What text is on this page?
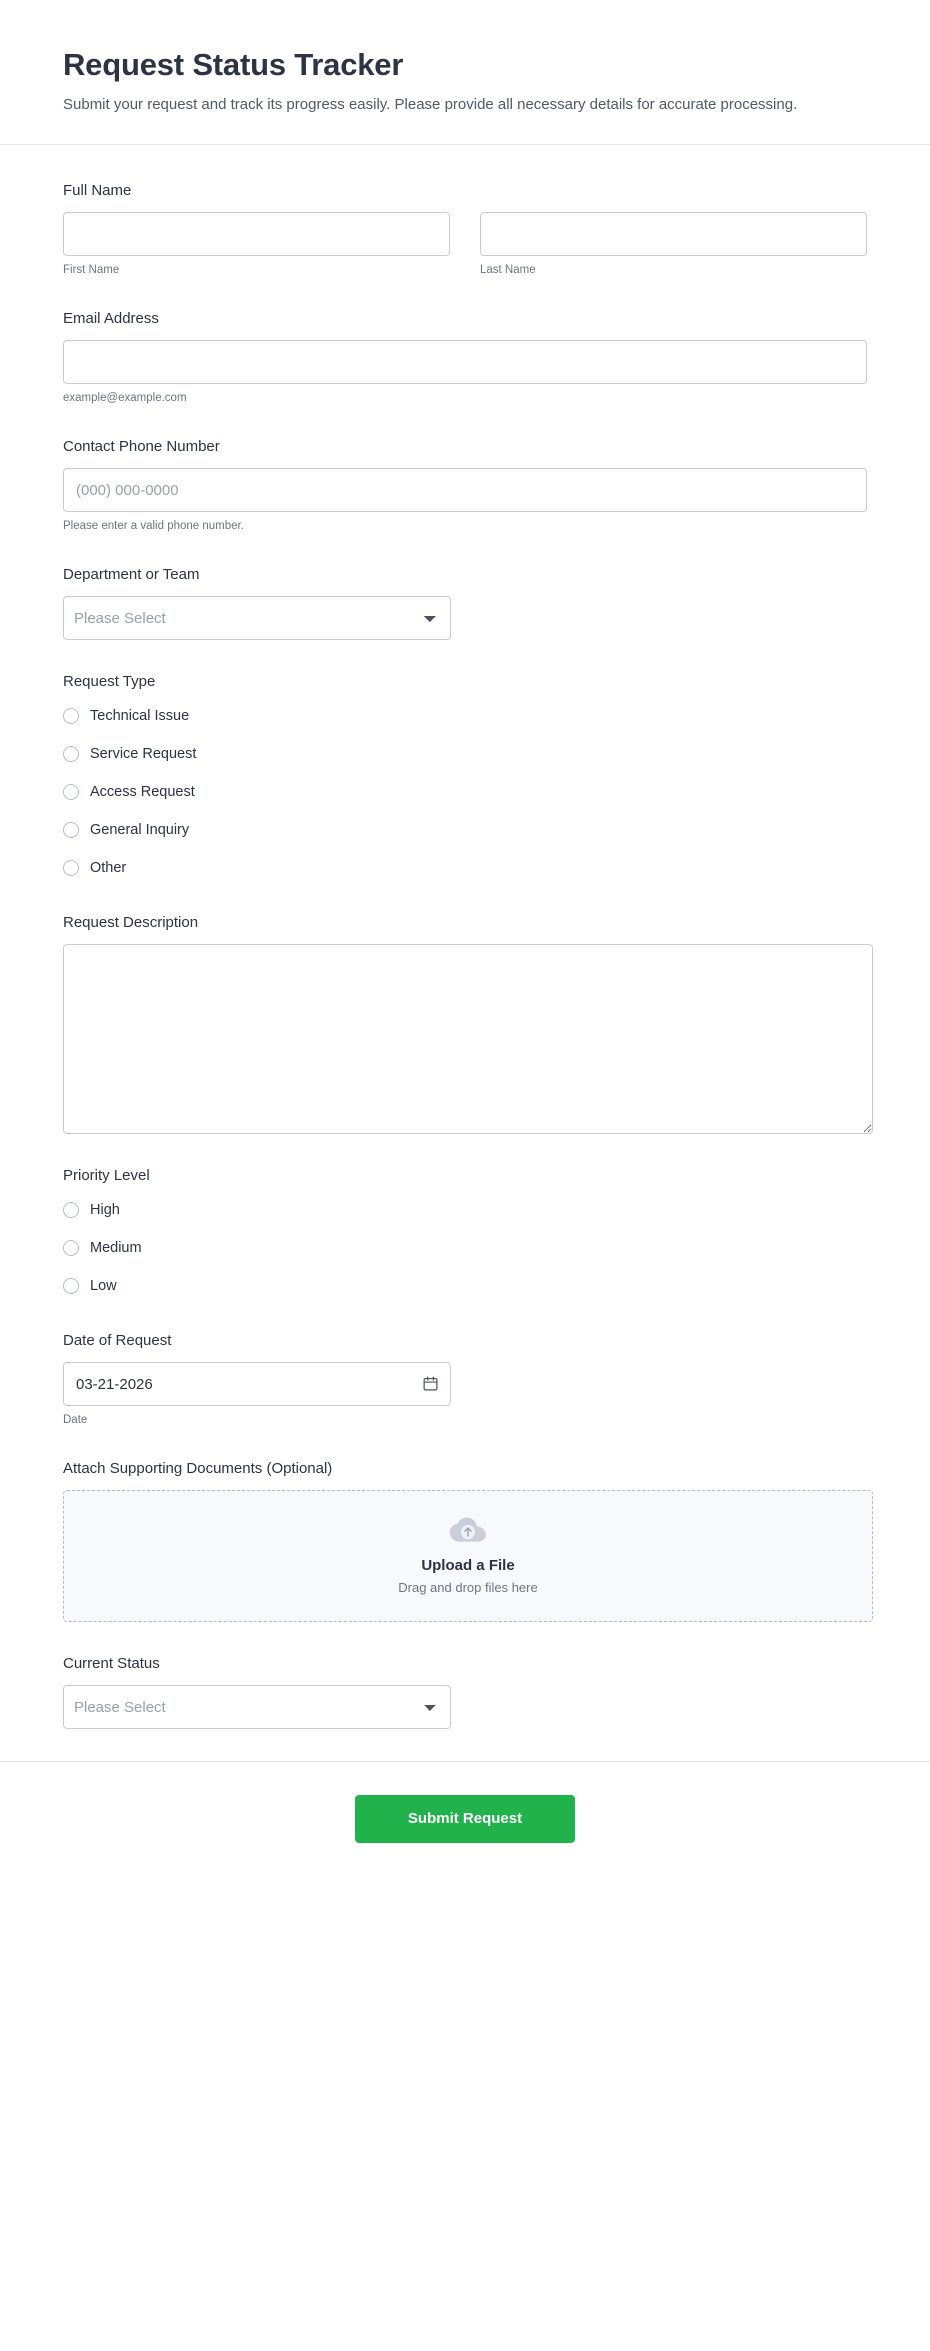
Request Status Tracker

Submit your request and track its progress easily. Please provide all necessary details for accurate processing.

Full Name
First Name	Last Name
Email Address
example@example.com
Contact Phone Number
(000) 000-0000
Please enter a valid phone number.
Department or Team
Please Select
Request Type
Technical Issue
Service Request
Access Request
General Inquiry
Other
Request Description
Priority Level
High
Medium
Low
Date of Request
03-21-2026
Date
Attach Supporting Documents (Optional)
Upload a File
Drag and drop files here
Current Status
Please Select
Submit Request
